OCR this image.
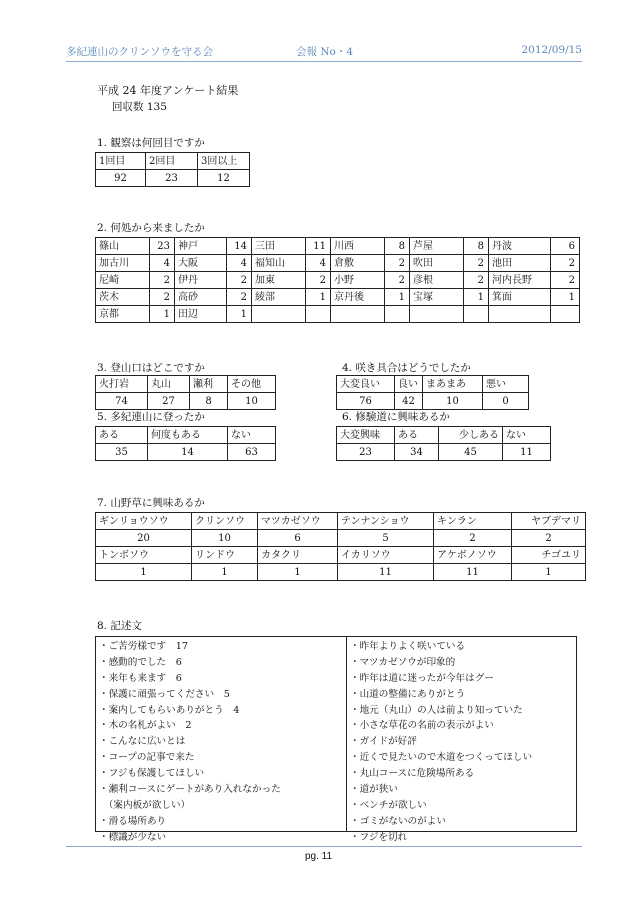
多紀連山のクリンソウを守る会	会報 No・4	2012/09/15
平成 24 年度アンケート結果
回収数 135
1. 観察は何回目ですか
1回目	2回目	3回以上
92	23	12
2. 何処から来ましたか
篠山	23	神戸	14	三田	11	川西	8	芦屋	8	丹波	6
加古川	4	大阪	4	福知山	4	倉敷	2	吹田	2	池田	2
尼崎	2	伊丹	2	加東	2	小野	2	彦根	2	河内長野	2
茨木	2	高砂	2	綾部	1	京丹後	1	宝塚	1	箕面	1
京都	1	田辺	1								
3. 登山口はどこですか
火打岩	丸山	瀬利	その他
74	27	8	10
4. 咲き具合はどうでしたか
大変良い	良い	まあまあ	悪い
76	42	10	0
5. 多紀連山に登ったか
ある	何度もある	ない
35	14	63
6. 修験道に興味あるか
大変興味	ある	少しある	ない
23	34	45	11
7. 山野草に興味あるか
ギンリョウソウ	クリンソウ	マツカゼソウ	テンナンショウ	キンラン	ヤブデマリ
20	10	6	5	2	2
トンボソウ	リンドウ	カタクリ	イカリソウ	アケボノソウ	チゴユリ
1	1	1	11	11	1
8. 記述文
・ご苦労様です　17
・感動的でした　6
・来年も来ます　6
・保護に頑張ってください　5
・案内してもらいありがとう　4
・木の名札がよい　2
・こんなに広いとは
・コープの記事で来た
・フジも保護してほしい
・瀬利コースにゲートがあり入れなかった
　（案内板が欲しい）
・滑る場所あり
・標識が少ない
・昨年よりよく咲いている
・マツカゼソウが印象的
・昨年は道に迷ったが今年はグー
・山道の整備にありがとう
・地元（丸山）の人は前より知っていた
・小さな草花の名前の表示がよい
・ガイドが好評
・近くで見たいので木道をつくってほしい
・丸山コースに危険場所ある
・道が狭い
・ベンチが欲しい
・ゴミがないのがよい
・フジを切れ
pg. 11
